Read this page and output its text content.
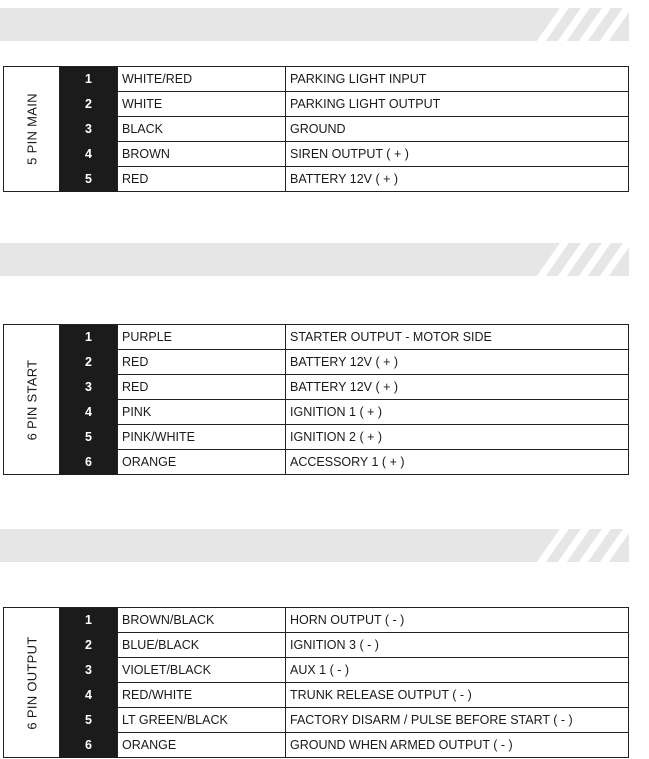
5 PIN MAIN	1	WHITE/RED	PARKING LIGHT INPUT
	2	WHITE	PARKING LIGHT OUTPUT
	3	BLACK	GROUND
	4	BROWN	SIREN OUTPUT ( + )
	5	RED	BATTERY 12V ( + )
6 PIN START	1	PURPLE	STARTER OUTPUT - MOTOR SIDE
	2	RED	BATTERY 12V ( + )
	3	RED	BATTERY 12V ( + )
	4	PINK	IGNITION 1 ( + )
	5	PINK/WHITE	IGNITION 2 ( + )
	6	ORANGE	ACCESSORY 1 ( + )
6 PIN OUTPUT	1	BROWN/BLACK	HORN OUTPUT ( - )
	2	BLUE/BLACK	IGNITION 3 ( - )
	3	VIOLET/BLACK	AUX 1 ( - )
	4	RED/WHITE	TRUNK RELEASE OUTPUT ( - )
	5	LT GREEN/BLACK	FACTORY DISARM / PULSE BEFORE START ( - )
	6	ORANGE	GROUND WHEN ARMED OUTPUT ( - )
